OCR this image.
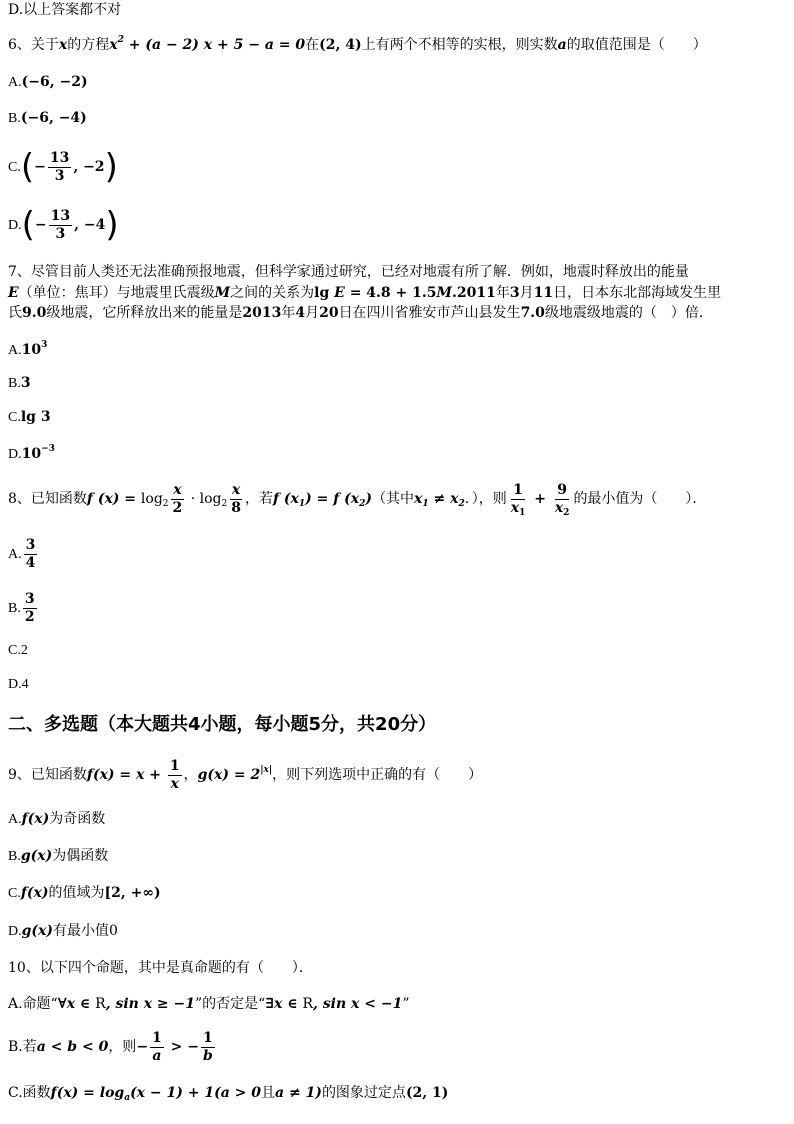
D.以上答案都不对
6、关于x的方程$x^2 + (a - 2) x + 5 - a = 0$在(2, 4)上有两个不相等的实根，则实数a的取值范围是（　　）
A.(−6, −2)
B.(−6, −4)
$C.(- \frac{13}{3}$ , −2)
$D.(- \frac{13}{3}$ , −4)
7、尽管目前人类还无法准确预报地震，但科学家通过研究，已经对地震有所了解．例如，地震时释放出的能量
E（单位：焦耳）与地震里氏震级M之间的关系为lg E = 4.8 + 1.5M.2011年3月11日，日本东北部海域发生里
氏9.0级地震，它所释放出来的能量是2013年4月20日在四川省雅安市芦山县发生7.0级地震级地震的（　）倍．
$A.10^3$
B.3
C.lg 3
$D.10^{-3}$
8、已知函数f $(x) = \log_2 \frac{x}{2} \cdot \log_2 \frac{x}{8}$ ，若f $(x_1) = f$ $(x_2)$（其中$x_1 \ne x_2$．），则 $\frac{1}{x_1} + \frac{9}{x_2}$ 的最小值为（　　）．
A. $\frac{3}{4}$
B. $\frac{3}{2}$
C.2
D.4
二、多选题（本大题共4小题，每小题5分，共20分）
9、已知函数$f(x) = x + \frac{1}{x}$ ，$g(x) = 2^{|x|}$，则下列选项中正确的有（　　）
A.f(x)为奇函数
B.g(x)为偶函数
C.f(x)的值域为[2, +∞)
D.g(x)有最小值0
10、以下四个命题，其中是真命题的有（　　）．
A.命题“∀x ∈ R, sin x ≥ −1”的否定是“∃x ∈ R, sin x < −1”
B.若a < b < 0，则− $\frac{1}{a}$ > − $\frac{1}{b}$
C.函数$f(x) = \log_a(x - 1) + 1(a > 0$且a ≠ 1)的图象过定点(2, 1)
